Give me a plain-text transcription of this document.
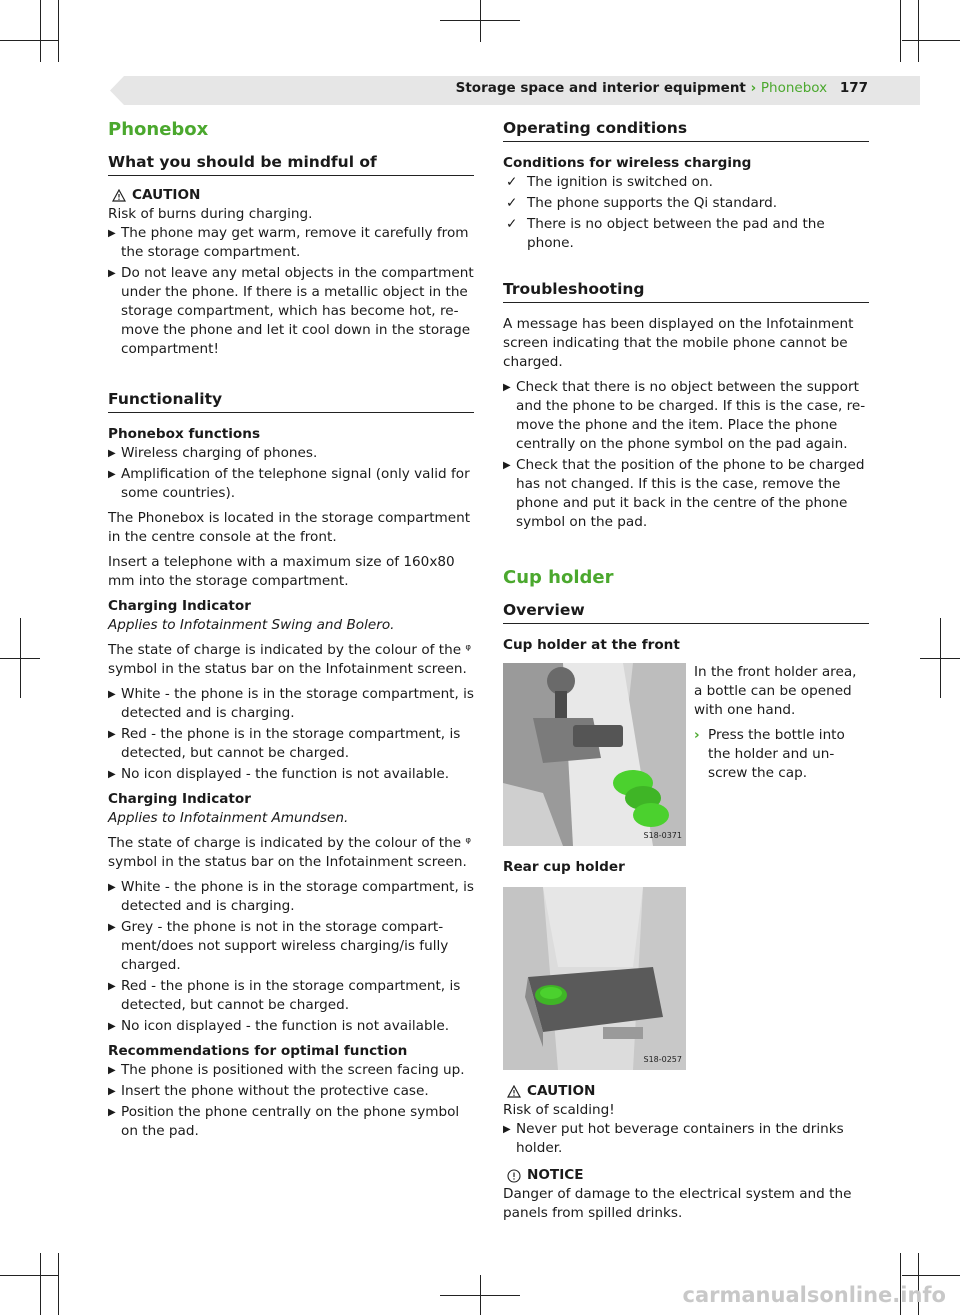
Storage space and interior equipment › Phonebox 177
Phonebox
What you should be mindful of
CAUTION

Risk of burns during charging.

▶ The phone may get warm, remove it carefully from the storage compartment.
▶ Do not leave any metal objects in the compartment under the phone. If there is a metallic object in the storage compartment, which has become hot, re-move the phone and let it cool down in the storage compartment!
Functionality
Phonebox functions
▶ Wireless charging of phones.
▶ Amplification of the telephone signal (only valid for some countries).

The Phonebox is located in the storage compartment in the centre console at the front.

Insert a telephone with a maximum size of 160x80 mm into the storage compartment.

Charging Indicator

Applies to Infotainment Swing and Bolero.

The state of charge is indicated by the colour of the ᵠ symbol in the status bar on the Infotainment screen.

▶ White - the phone is in the storage compartment, is detected and is charging.
▶ Red - the phone is in the storage compartment, is detected, but cannot be charged.
▶ No icon displayed - the function is not available.
Charging Indicator

Applies to Infotainment Amundsen.

The state of charge is indicated by the colour of the ᵠ symbol in the status bar on the Infotainment screen.

▶ White - the phone is in the storage compartment, is detected and is charging.
▶ Grey - the phone is not in the storage compart-ment/does not support wireless charging/is fully charged.
▶ Red - the phone is in the storage compartment, is detected, but cannot be charged.
▶ No icon displayed - the function is not available.
Recommendations for optimal function
▶ The phone is positioned with the screen facing up.
▶ Insert the phone without the protective case.
▶ Position the phone centrally on the phone symbol on the pad.
Operating conditions
Conditions for wireless charging
✓ The ignition is switched on.
✓ The phone supports the Qi standard.
✓ There is no object between the pad and the phone.
Troubleshooting

A message has been displayed on the Infotainment screen indicating that the mobile phone cannot be charged.

▶ Check that there is no object between the support and the phone to be charged. If this is the case, re-move the phone and the item. Place the phone centrally on the phone symbol on the pad again.
▶ Check that the position of the phone to be charged has not changed. If this is the case, remove the phone and put it back in the centre of the phone symbol on the pad.
Cup holder
Overview
Cup holder at the front
S18-0371

In the front holder area, a bottle can be opened with one hand.

› Press the bottle into the holder and un-screw the cap.
Rear cup holder
S18-0257
CAUTION

Risk of scalding!

▶ Never put hot beverage containers in the drinks holder.
NOTICE

Danger of damage to the electrical system and the panels from spilled drinks.

carmanualsonline.info
